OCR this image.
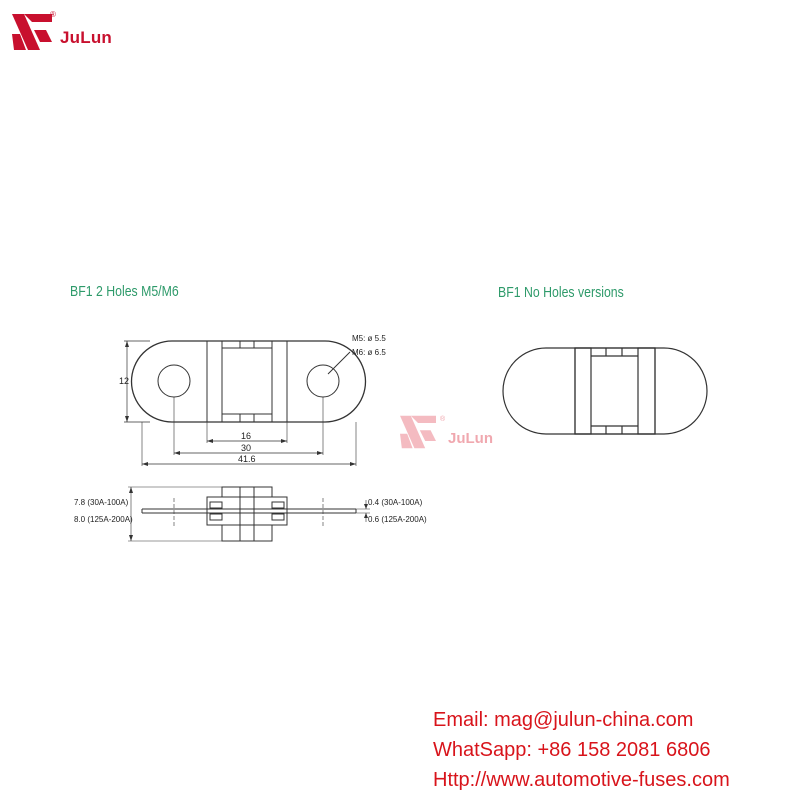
®
JuLun
BF1 2 Holes M5/M6	BF1 No Holes versions
12
16
30
41.6
M5: ø 5.5
M6: ø 6.5
7.8 (30A-100A)
8.0 (125A-200A)
0.4 (30A-100A)
0.6 (125A-200A)
®
JuLun
Email: mag@julun-china.com
WhatSapp: +86 158 2081 6806
Http://www.automotive-fuses.com
